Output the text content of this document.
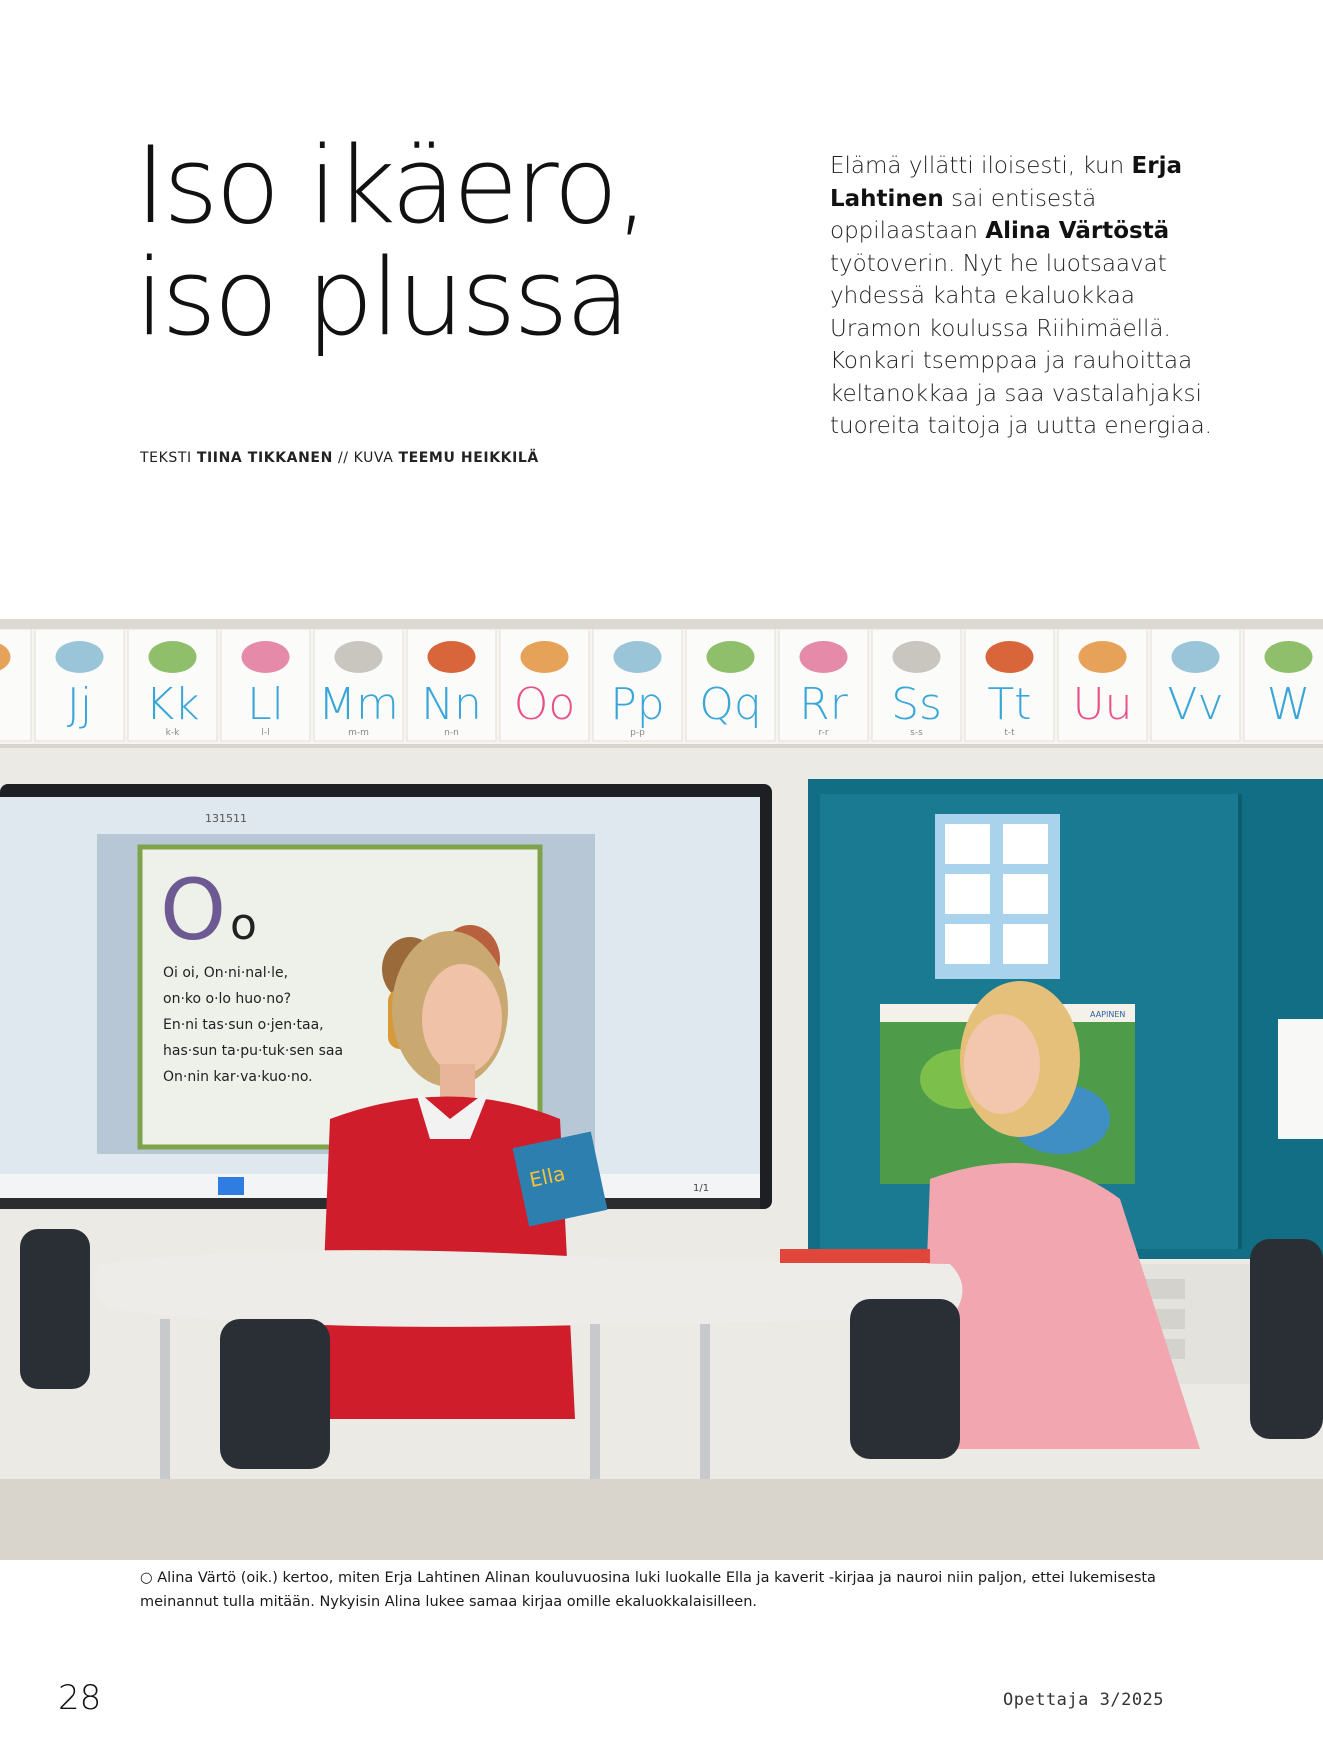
Iso ikäero,
iso plussa
TEKSTI TIINA TIKKANEN // KUVA TEEMU HEIKKILÄ

Elämä yllätti iloisesti, kun Erja Lahtinen sai entisestä oppilaastaan Alina Värtöstä työtoverin. Nyt he luotsaavat yhdessä kahta ekaluokkaa Uramon koulussa Riihimäellä. Konkari tsemppaa ja rauhoittaa keltanokkaa ja saa vastalahjaksi tuoreita taitoja ja uutta energiaa.

Jj Kk
k-k
Ll
l-l
Mm
m-m
Nn
n-n
Oo Pp
p-p
Qq Rr
r-r
Ss
s-s
Tt
t-t
Uu Vv W
131511
O o
Oi oi, On·ni·nal·le,
on·ko o·lo huo·no?
En·ni tas·sun o·jen·taa,
has·sun ta·pu·tuk·sen saa
On·nin kar·va·kuo·no.
1/1
AAPINEN
Ella

○ Alina Värtö (oik.) kertoo, miten Erja Lahtinen Alinan kouluvuosina luki luokalle Ella ja kaverit -kirjaa ja nauroi niin paljon, ettei lukemisesta meinannut tulla mitään. Nykyisin Alina lukee samaa kirjaa omille ekaluokkalaisilleen.

28	Opettaja 3/2025
